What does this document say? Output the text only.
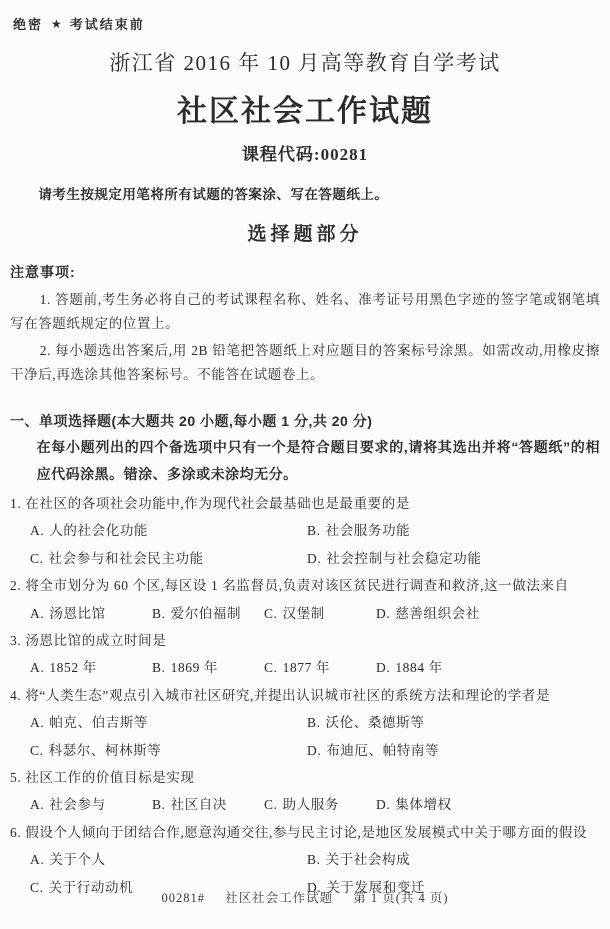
绝密 ★ 考试结束前
浙江省 2016 年 10 月高等教育自学考试
社区社会工作试题
课程代码:00281

请考生按规定用笔将所有试题的答案涂、写在答题纸上。

选择题部分
注意事项:

1. 答题前,考生务必将自己的考试课程名称、姓名、准考证号用黑色字迹的签字笔或钢笔填写在答题纸规定的位置上。

2. 每小题选出答案后,用 2B 铅笔把答题纸上对应题目的答案标号涂黑。如需改动,用橡皮擦干净后,再选涂其他答案标号。不能答在试题卷上。

一、单项选择题(本大题共 20 小题,每小题 1 分,共 20 分)
在每小题列出的四个备选项中只有一个是符合题目要求的,请将其选出并将“答题纸”的相应代码涂黑。错涂、多涂或未涂均无分。
1. 在社区的各项社会功能中,作为现代社会最基础也是最重要的是
A. 人的社会化功能	B. 社会服务功能
C. 社会参与和社会民主功能	D. 社会控制与社会稳定功能
2. 将全市划分为 60 个区,每区设 1 名监督员,负责对该区贫民进行调查和救济,这一做法来自
A. 汤恩比馆	B. 爱尔伯福制	C. 汉堡制	D. 慈善组织会社
3. 汤恩比馆的成立时间是
A. 1852 年	B. 1869 年	C. 1877 年	D. 1884 年
4. 将“人类生态”观点引入城市社区研究,并提出认识城市社区的系统方法和理论的学者是
A. 帕克、伯吉斯等	B. 沃伦、桑德斯等
C. 科瑟尔、柯林斯等	D. 布迪厄、帕特南等
5. 社区工作的价值目标是实现
A. 社会参与	B. 社区自决	C. 助人服务	D. 集体增权
6. 假设个人倾向于团结合作,愿意沟通交往,参与民主讨论,是地区发展模式中关于哪方面的假设
A. 关于个人	B. 关于社会构成
C. 关于行动动机	D. 关于发展和变迁
00281# 社区社会工作试题 第 1 页(共 4 页)
